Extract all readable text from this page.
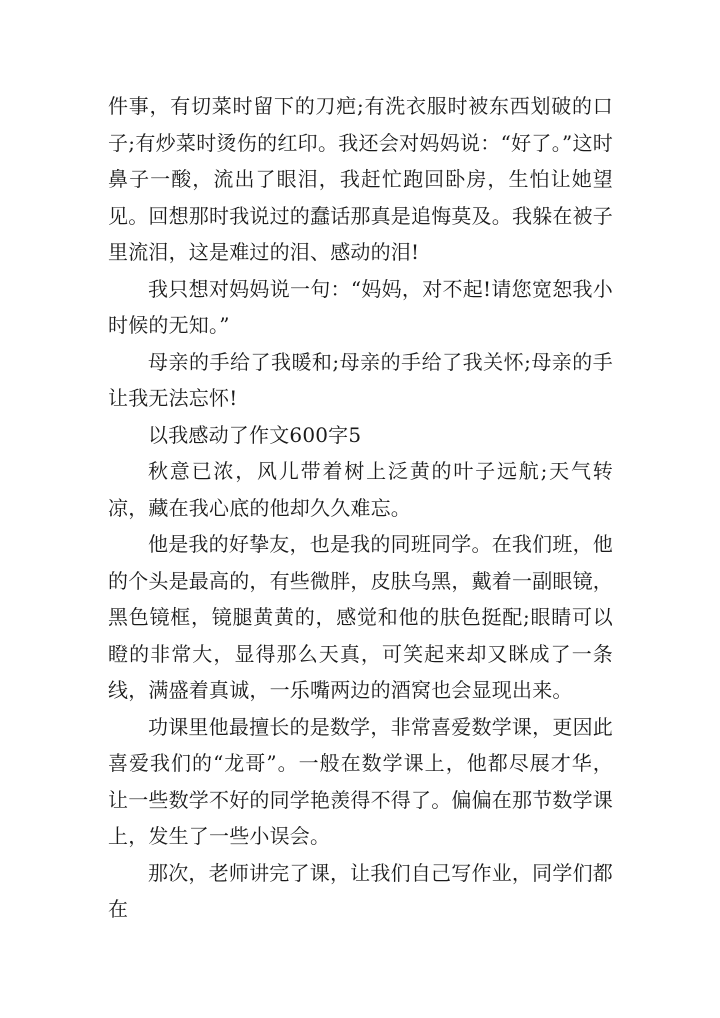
件事，有切菜时留下的刀疤;有洗衣服时被东西划破的口子;有炒菜时烫伤的红印。我还会对妈妈说：“好了。”这时鼻子一酸，流出了眼泪，我赶忙跑回卧房，生怕让她望见。回想那时我说过的蠢话那真是追悔莫及。我躲在被子里流泪，这是难过的泪、感动的泪!

我只想对妈妈说一句：“妈妈，对不起!请您宽恕我小时候的无知。”

母亲的手给了我暖和;母亲的手给了我关怀;母亲的手让我无法忘怀!

以我感动了作文600字5

秋意已浓，风儿带着树上泛黄的叶子远航;天气转凉，藏在我心底的他却久久难忘。

他是我的好挚友，也是我的同班同学。在我们班，他的个头是最高的，有些微胖，皮肤乌黑，戴着一副眼镜，黑色镜框，镜腿黄黄的，感觉和他的肤色挺配;眼睛可以瞪的非常大，显得那么天真，可笑起来却又眯成了一条线，满盛着真诚，一乐嘴两边的酒窝也会显现出来。

功课里他最擅长的是数学，非常喜爱数学课，更因此喜爱我们的“龙哥”。一般在数学课上，他都尽展才华，让一些数学不好的同学艳羡得不得了。偏偏在那节数学课上，发生了一些小误会。

那次，老师讲完了课，让我们自己写作业，同学们都在
